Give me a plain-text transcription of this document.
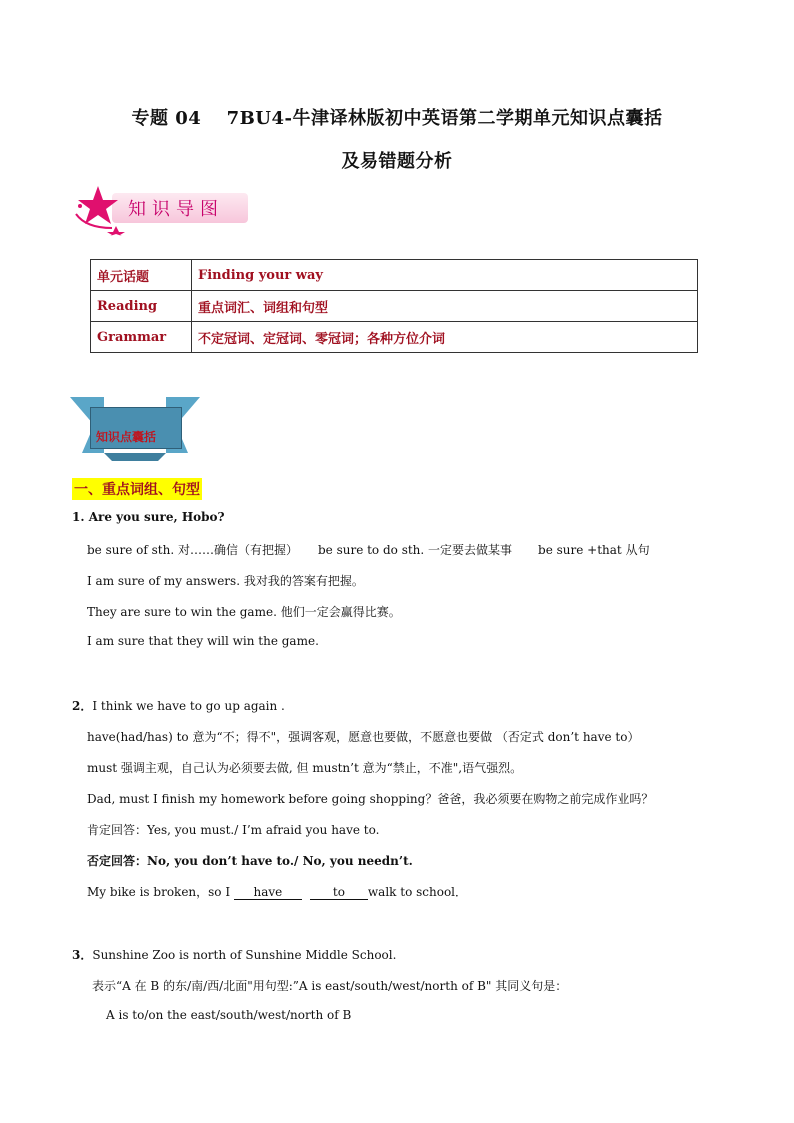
专题 04　 7BU4-牛津译林版初中英语第二学期单元知识点囊括
及易错题分析
知识导图
单元话题	Finding your way
Reading	重点词汇、词组和句型
Grammar	不定冠词、定冠词、零冠词；各种方位介词
知识点囊括
一、重点词组、句型
1. Are you sure, Hobo?
be sure of sth. 对……确信（有把握） be sure to do sth. 一定要去做某事 be sure +that 从句
I am sure of my answers. 我对我的答案有把握。
They are sure to win the game. 他们一定会赢得比赛。
I am sure that they will win the game.
2．I think we have to go up again .
have(had/has) to 意为“不；得不"，强调客观，愿意也要做，不愿意也要做 （否定式 don’t have to）
must 强调主观，自己认为必须要去做, 但 mustn’t 意为“禁止，不准",语气强烈。
Dad, must I finish my homework before going shopping？爸爸，我必须要在购物之前完成作业吗？
肯定回答：Yes, you must./ I’m afraid you have to.
否定回答：No, you don’t have to./ No, you needn’t.
My bike is broken，so I have	to walk to school．
3．Sunshine Zoo is north of Sunshine Middle School.
表示“A 在 B 的东/南/西/北面"用句型:”A is east/south/west/north of B" 其同义句是：
A is to/on the east/south/west/north of B
